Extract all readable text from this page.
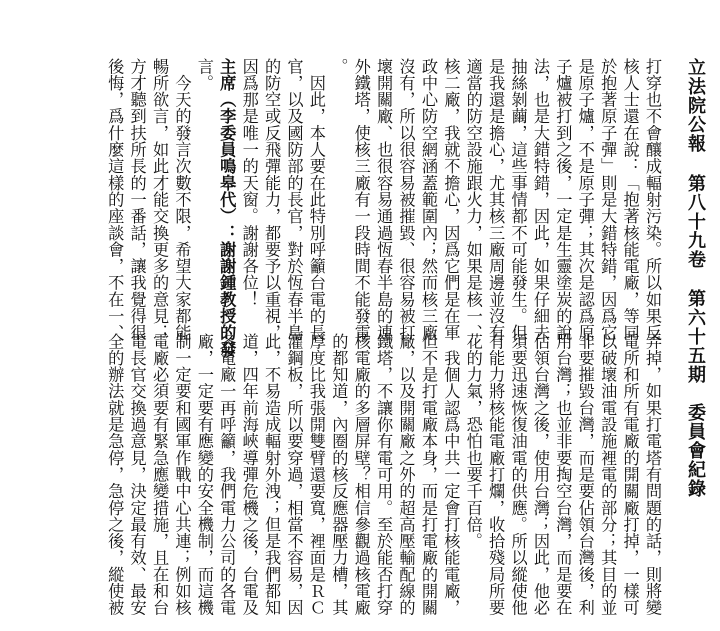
立法院公報 第八十九卷 第六十五期 委員會紀錄
打穿也不會釀成輻射污染。所以如果反
核人士還在說：「抱著核能電廠，等同
於抱著原子彈」則是大錯特錯，因爲它
是原子爐，不是原子彈；其次是認爲原
子爐被打到之後，一定是生靈塗炭的說
法，也是大錯特錯，因此，如果仔細去
抽絲剝繭，這些事情都不可能發生。但
是我還是擔心，尤其核三廠周邊並沒有
適當的防空設施跟火力，如果是核一、
核二廠，我就不擔心，因爲它們是在軍
政中心防空網涵蓋範圍內；然而核三廠
沒有，所以很容易被摧毀、很容易被打
壞開關廠、也很容易通過恆春半島的連
外鐵塔，使核三廠有一段時間不能發電
。
　因此，本人要在此特別呼籲台電的長
官，以及國防部的長官，對於恆春半島
的防空或反飛彈能力，都要予以重視，
因爲那是唯一的天窗。謝謝各位！
主席（李委員鳴皋代）：謝謝鍾教授的發
言。
　今天的發言次數不限，希望大家都能
暢所欲言，如此才能交換更多的意見；
方才聽到扶所長的一番話，讓我覺得很
後悔，爲什麼這樣的座談會，不在一、
弄掉，如果打電塔有問題的話，則將變
電所和所有電廠的開關廠打掉，一樣可
以破壞油電設施裡電的部分；其目的並
非要摧毀台灣，而是要佔領台灣後，利
用台灣；也並非要掏空台灣，而是要在
佔領台灣之後，使用台灣；因此，他必
須要迅速恢復油電的供應。所以縱使他
有能力將核能電廠打爛，收拾殘局所要
花的力氣，恐怕也要千百倍。
　我個人認爲中共一定會打核能電廠，
但不是打電廠本身，而是打電廠的開關
廠，以及開關廠之外的超高壓輸配線的
鐵塔，不讓你有電可用。至於能否打穿
核電廠的多層屏壁？相信參觀過核電廠
的都知道，內圈的核反應器壓力槽，其
厚度比我張開雙臂還要寬，裡面是ＲＣ
灌鋼板，所以要穿過，相當不容易，因
此，不易造成輻射外洩；但是我們都知
道，四年前海峽導彈危機之後，台電及
各電廠一再呼籲，我們電力公司的各電
廠，一定要有應變的安全機制，而這機
制一定要和國軍作戰中心共連；例如核
電廠必須要有緊急應變措施，且在和台
電長官交換過意見，決定最有效、最安
全的辦法就是急停，急停之後，縱使被
